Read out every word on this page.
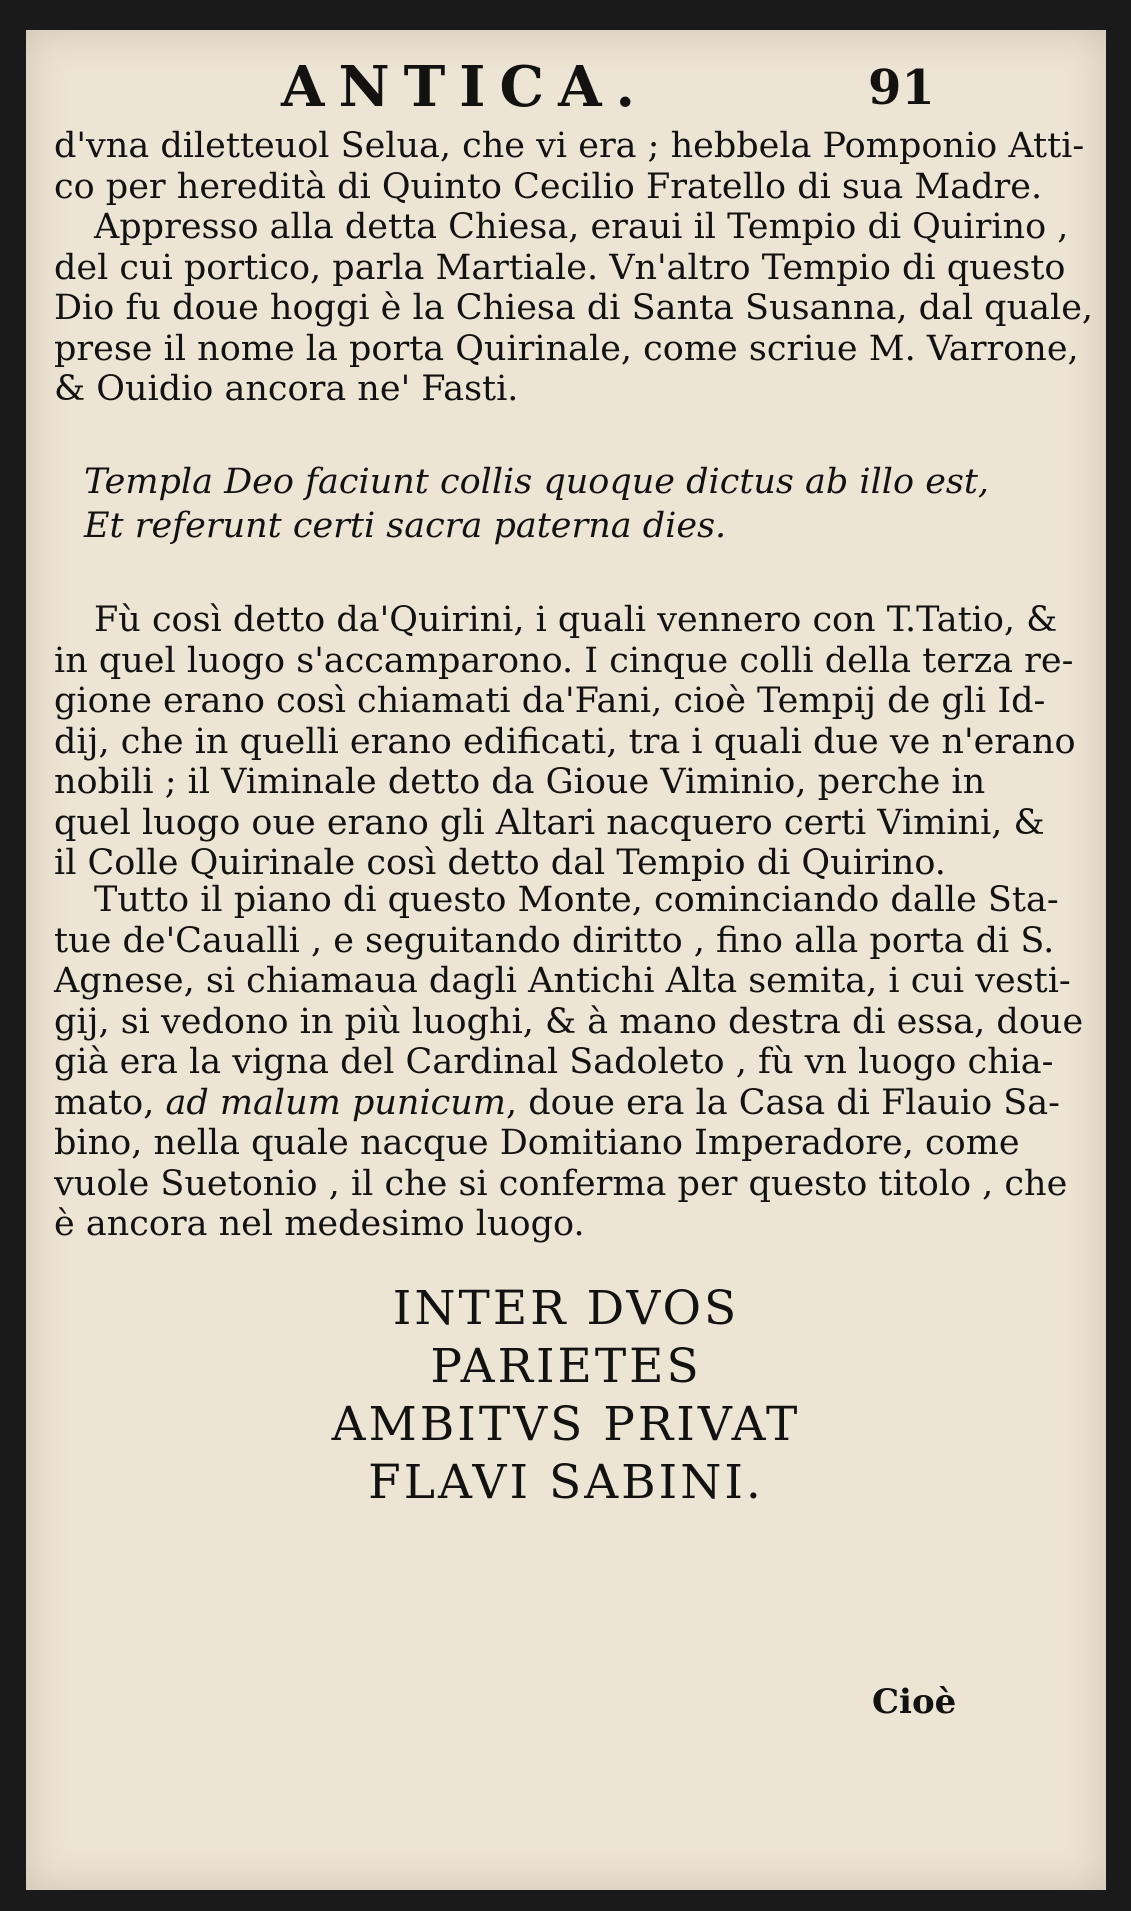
ANTICA.	91
d'vna diletteuol Selua, che vi era ; hebbela Pomponio Atti-
co per heredità di Quinto Cecilio Fratello di sua Madre.
Appresso alla detta Chiesa, eraui il Tempio di Quirino ,
del cui portico, parla Martiale. Vn'altro Tempio di questo
Dio fu doue hoggi è la Chiesa di Santa Susanna, dal quale,
prese il nome la porta Quirinale, come scriue M. Varrone,
& Ouidio ancora ne' Fasti.
Templa Deo faciunt collis quoque dictus ab illo est,
Et referunt certi sacra paterna dies.
Fù così detto da'Quirini, i quali vennero con T.Tatio, &
in quel luogo s'accamparono. I cinque colli della terza re-
gione erano così chiamati da'Fani, cioè Tempij de gli Id-
dij, che in quelli erano edificati, tra i quali due ve n'erano
nobili ; il Viminale detto da Gioue Viminio, perche in
quel luogo oue erano gli Altari nacquero certi Vimini, &
il Colle Quirinale così detto dal Tempio di Quirino.
Tutto il piano di questo Monte, cominciando dalle Sta-
tue de'Caualli , e seguitando diritto , fino alla porta di S.
Agnese, si chiamaua dagli Antichi Alta semita, i cui vesti-
gij, si vedono in più luoghi, & à mano destra di essa, doue
già era la vigna del Cardinal Sadoleto , fù vn luogo chia-
mato, ad malum punicum, doue era la Casa di Flauio Sa-
bino, nella quale nacque Domitiano Imperadore, come
vuole Suetonio , il che si conferma per questo titolo , che
è ancora nel medesimo luogo.
INTER DVOS
PARIETES
AMBITVS PRIVAT
FLAVI SABINI.
Cioè
